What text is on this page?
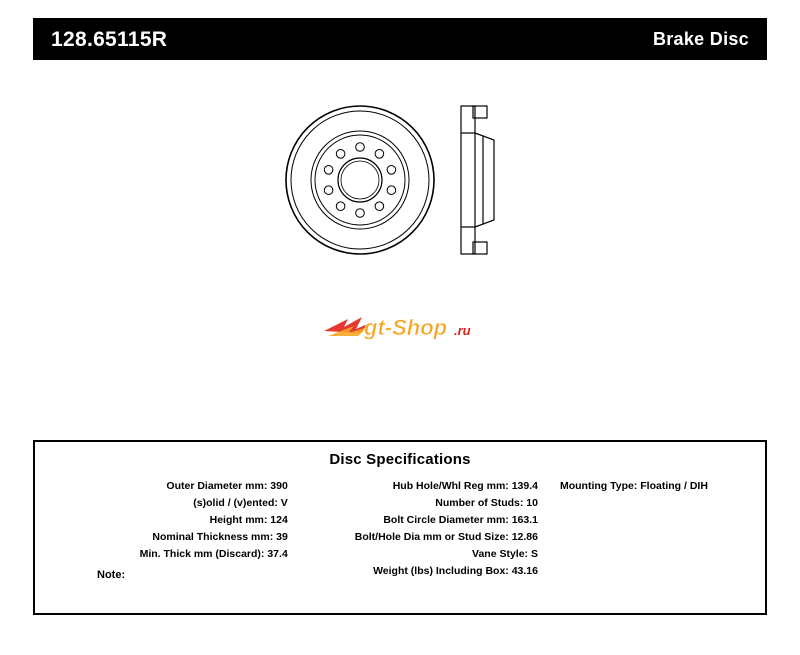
128.65115R	Brake Disc
gt-Shop .ru
Disc Specifications
Outer Diameter mm: 390
(s)olid / (v)ented: V
Height mm: 124
Nominal Thickness mm: 39
Min. Thick mm (Discard): 37.4
Hub Hole/Whl Reg mm: 139.4
Number of Studs: 10
Bolt Circle Diameter mm: 163.1
Bolt/Hole Dia mm or Stud Size: 12.86
Vane Style: S
Weight (lbs) Including Box: 43.16
Mounting Type: Floating / DIH
Note:
